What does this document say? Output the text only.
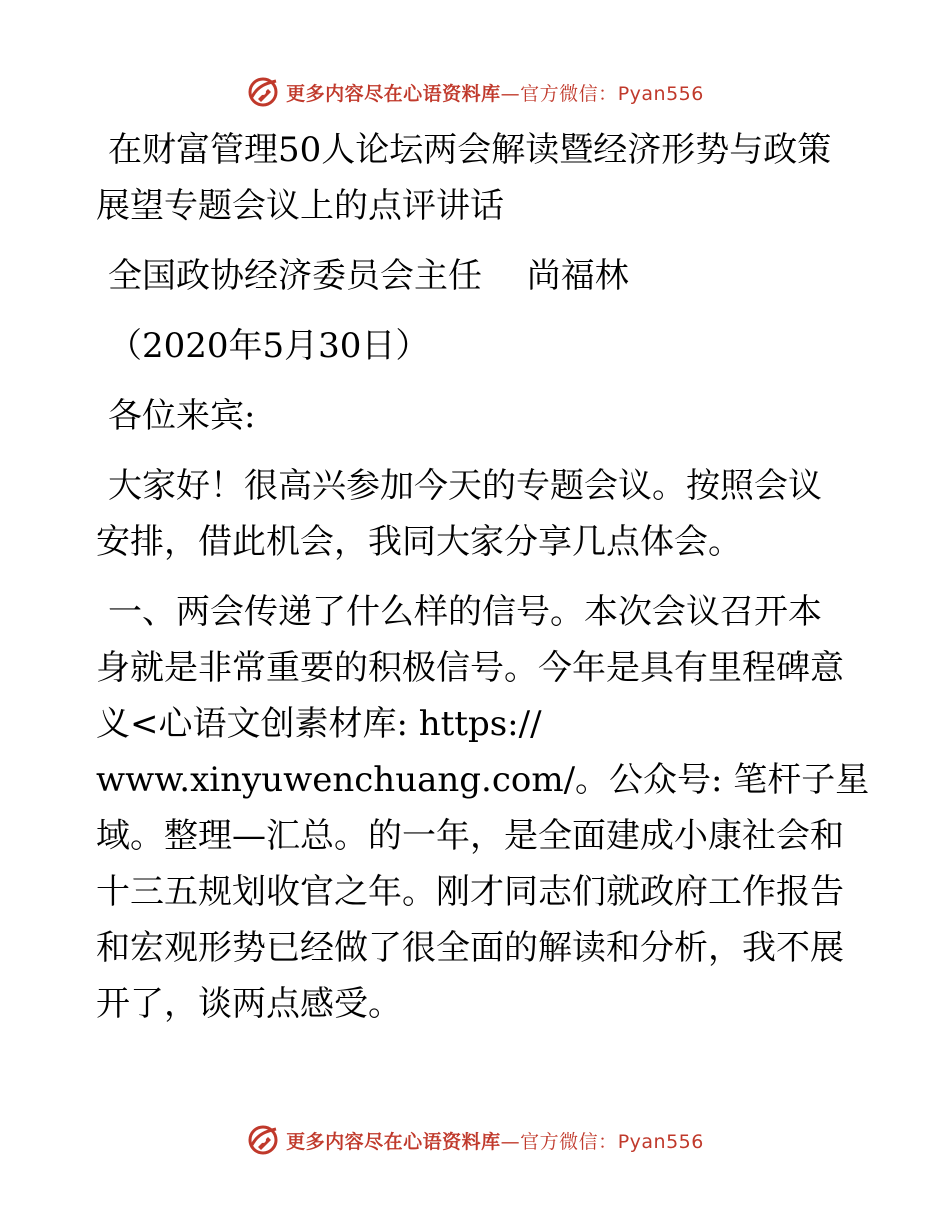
更多内容尽在心语资料库—官方微信：Pyan556

在财富管理50人论坛两会解读暨经济形势与政策

展望专题会议上的点评讲话

全国政协经济委员会主任　 尚福林

（2020年5月30日）

各位来宾:

大家好！很高兴参加今天的专题会议。按照会议

安排，借此机会，我同大家分享几点体会。

一、两会传递了什么样的信号。本次会议召开本

身就是非常重要的积极信号。今年是具有里程碑意

义<心语文创素材库: https://

www.xinyuwenchuang.com/。公众号: 笔杆子星

域。整理—汇总。的一年，是全面建成小康社会和

十三五规划收官之年。刚才同志们就政府工作报告

和宏观形势已经做了很全面的解读和分析，我不展

开了，谈两点感受。

更多内容尽在心语资料库—官方微信：Pyan556
